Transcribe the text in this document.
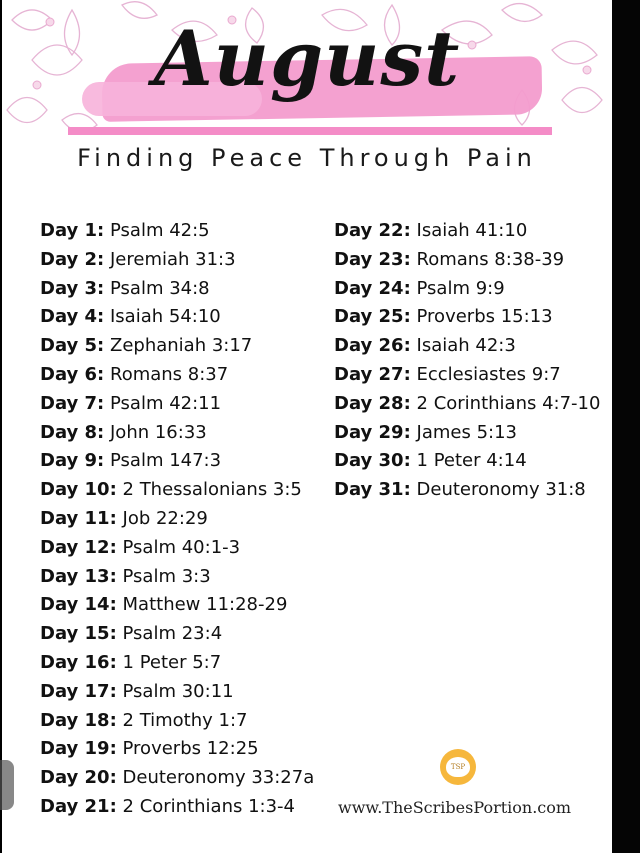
August
Finding Peace Through Pain
Day 1: Psalm 42:5
Day 2: Jeremiah 31:3
Day 3: Psalm 34:8
Day 4: Isaiah 54:10
Day 5: Zephaniah 3:17
Day 6: Romans 8:37
Day 7: Psalm 42:11
Day 8: John 16:33
Day 9: Psalm 147:3
Day 10: 2 Thessalonians 3:5
Day 11: Job 22:29
Day 12: Psalm 40:1-3
Day 13: Psalm 3:3
Day 14: Matthew 11:28-29
Day 15: Psalm 23:4
Day 16: 1 Peter 5:7
Day 17: Psalm 30:11
Day 18: 2 Timothy 1:7
Day 19: Proverbs 12:25
Day 20: Deuteronomy 33:27a
Day 21: 2 Corinthians 1:3-4
Day 22: Isaiah 41:10
Day 23: Romans 8:38-39
Day 24: Psalm 9:9
Day 25: Proverbs 15:13
Day 26: Isaiah 42:3
Day 27: Ecclesiastes 9:7
Day 28: 2 Corinthians 4:7-10
Day 29: James 5:13
Day 30: 1 Peter 4:14
Day 31: Deuteronomy 31:8
TSP
www.TheScribesPortion.com
